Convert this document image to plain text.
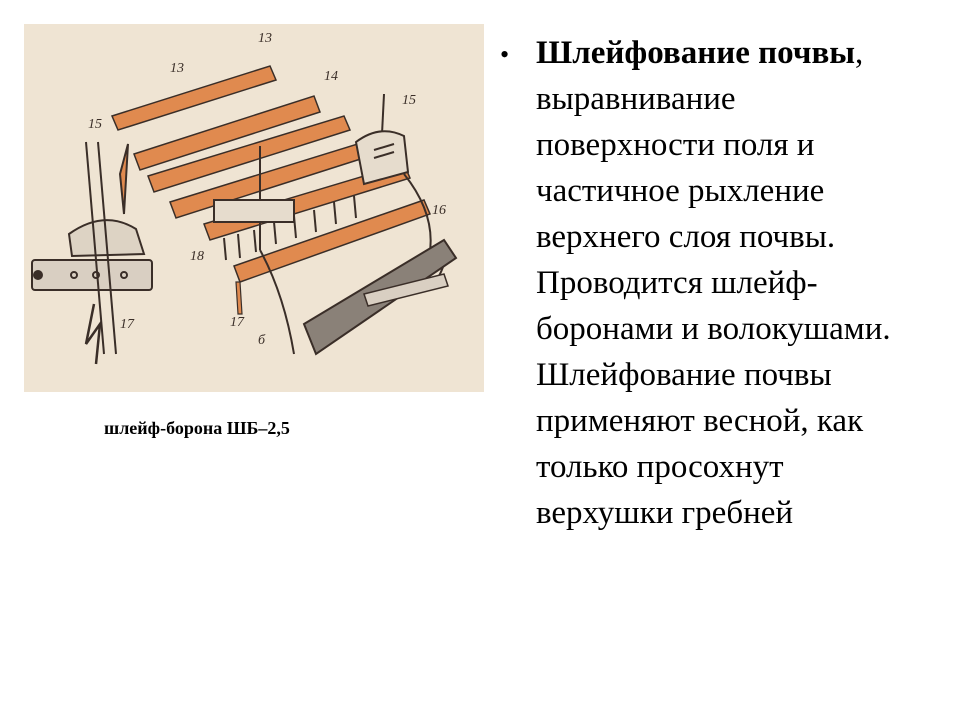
13
13
14
15
15
16
17	17
18
б
шлейф-борона ШБ–2,5
• Шлейфование почвы,
выравнивание
поверхности поля и
частичное рыхление
верхнего слоя почвы.
Проводится шлейф-
боронами и волокушами.
Шлейфование почвы
применяют весной, как
только просохнут
верхушки гребней
